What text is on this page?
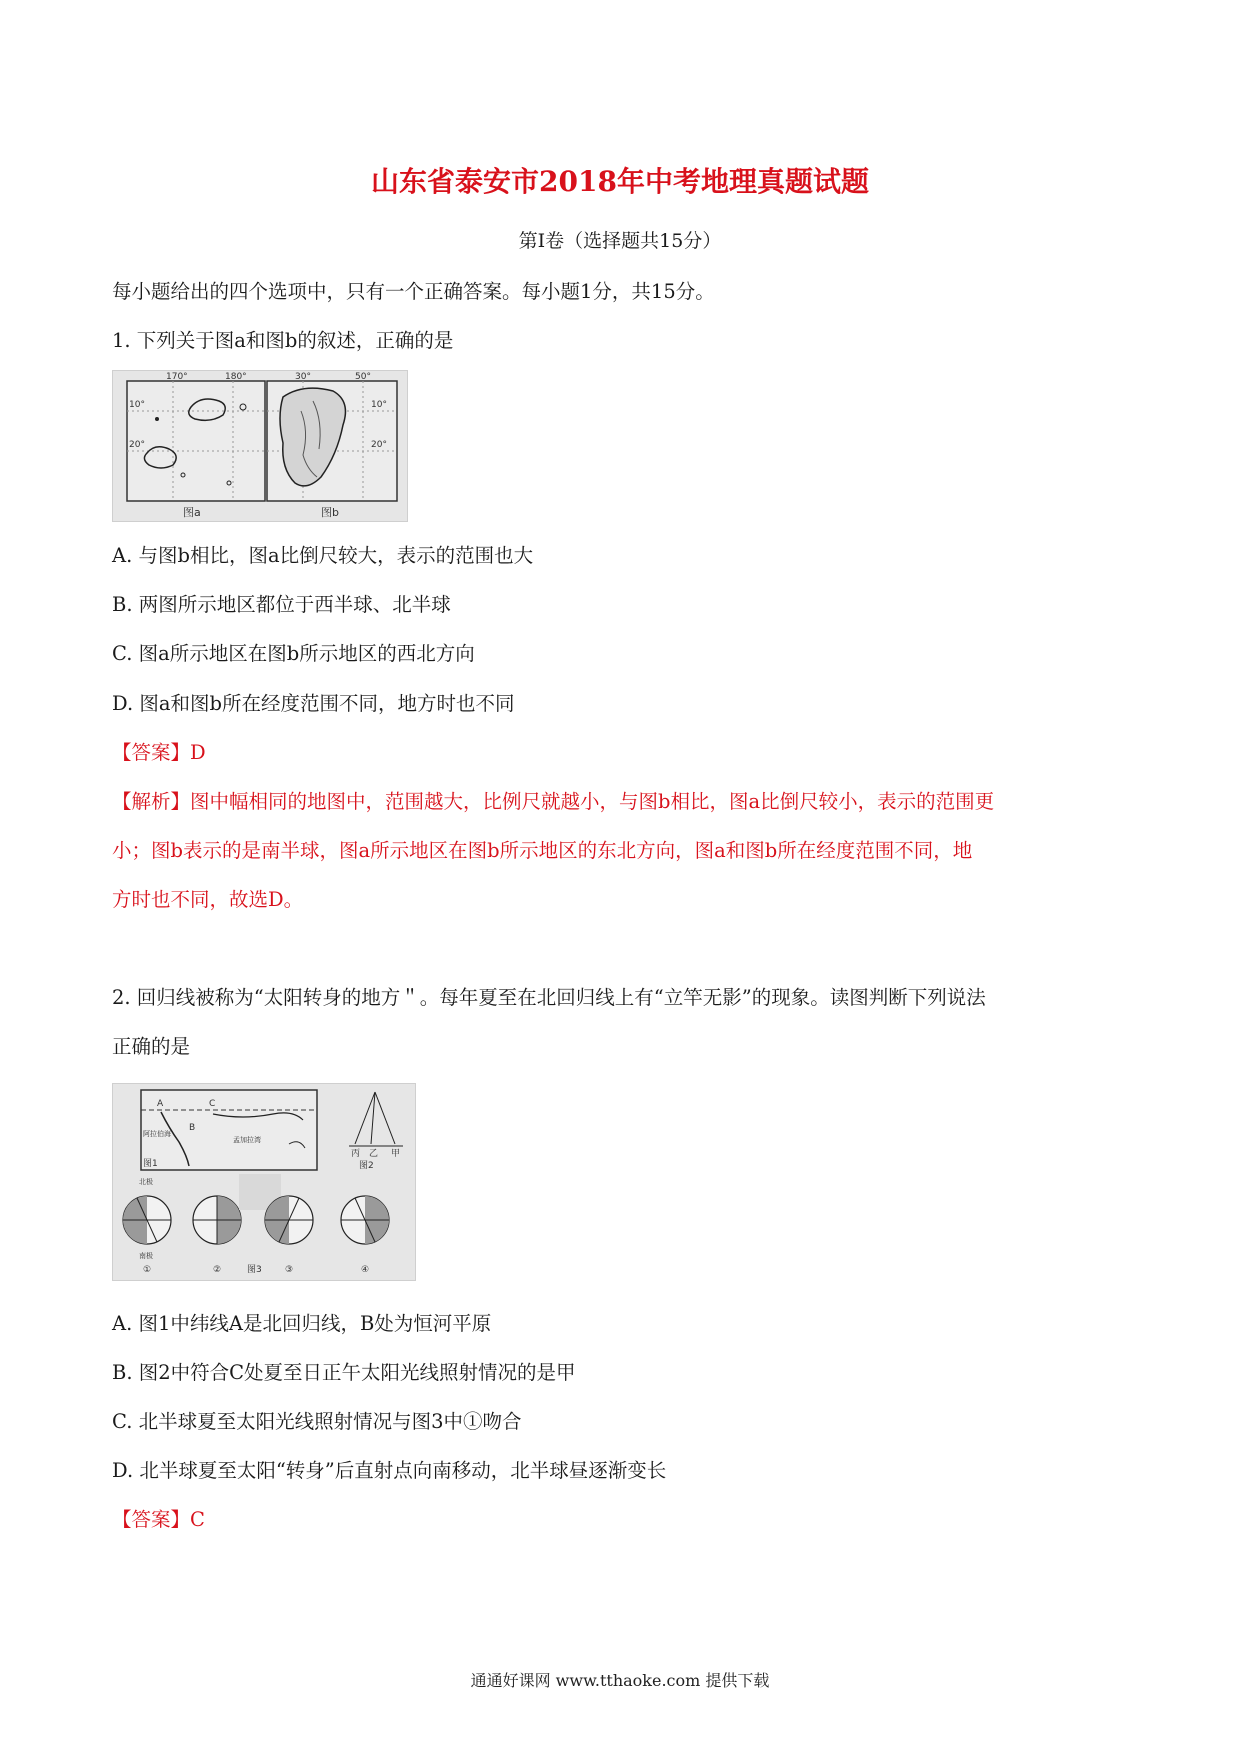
山东省泰安市2018年中考地理真题试题
第Ⅰ卷（选择题共15分）
每小题给出的四个选项中，只有一个正确答案。每小题1分，共15分。
1. 下列关于图a和图b的叙述，正确的是
170°	180°
10°
20°
图a
30°	50°
10°
20°
图b
A. 与图b相比，图a比倒尺较大，表示的范围也大
B. 两图所示地区都位于西半球、北半球
C. 图a所示地区在图b所示地区的西北方向
D. 图a和图b所在经度范围不同，地方时也不同
【答案】D
【解析】图中幅相同的地图中，范围越大，比例尺就越小，与图b相比，图a比倒尺较小，表示的范围更
小；图b表示的是南半球，图a所示地区在图b所示地区的东北方向，图a和图b所在经度范围不同，地
方时也不同，故选D。
2. 回归线被称为“太阳转身的地方＂。每年夏至在北回归线上有“立竿无影”的现象。读图判断下列说法
正确的是
A	C
B
阿拉伯海
孟加拉湾
图1
丙 乙 甲
图2
北极
南极
①	②	图3	③	④
A. 图1中纬线A是北回归线，B处为恒河平原
B. 图2中符合C处夏至日正午太阳光线照射情况的是甲
C. 北半球夏至太阳光线照射情况与图3中①吻合
D. 北半球夏至太阳“转身”后直射点向南移动，北半球昼逐渐变长
【答案】C
通通好课网 www.tthaoke.com 提供下载
